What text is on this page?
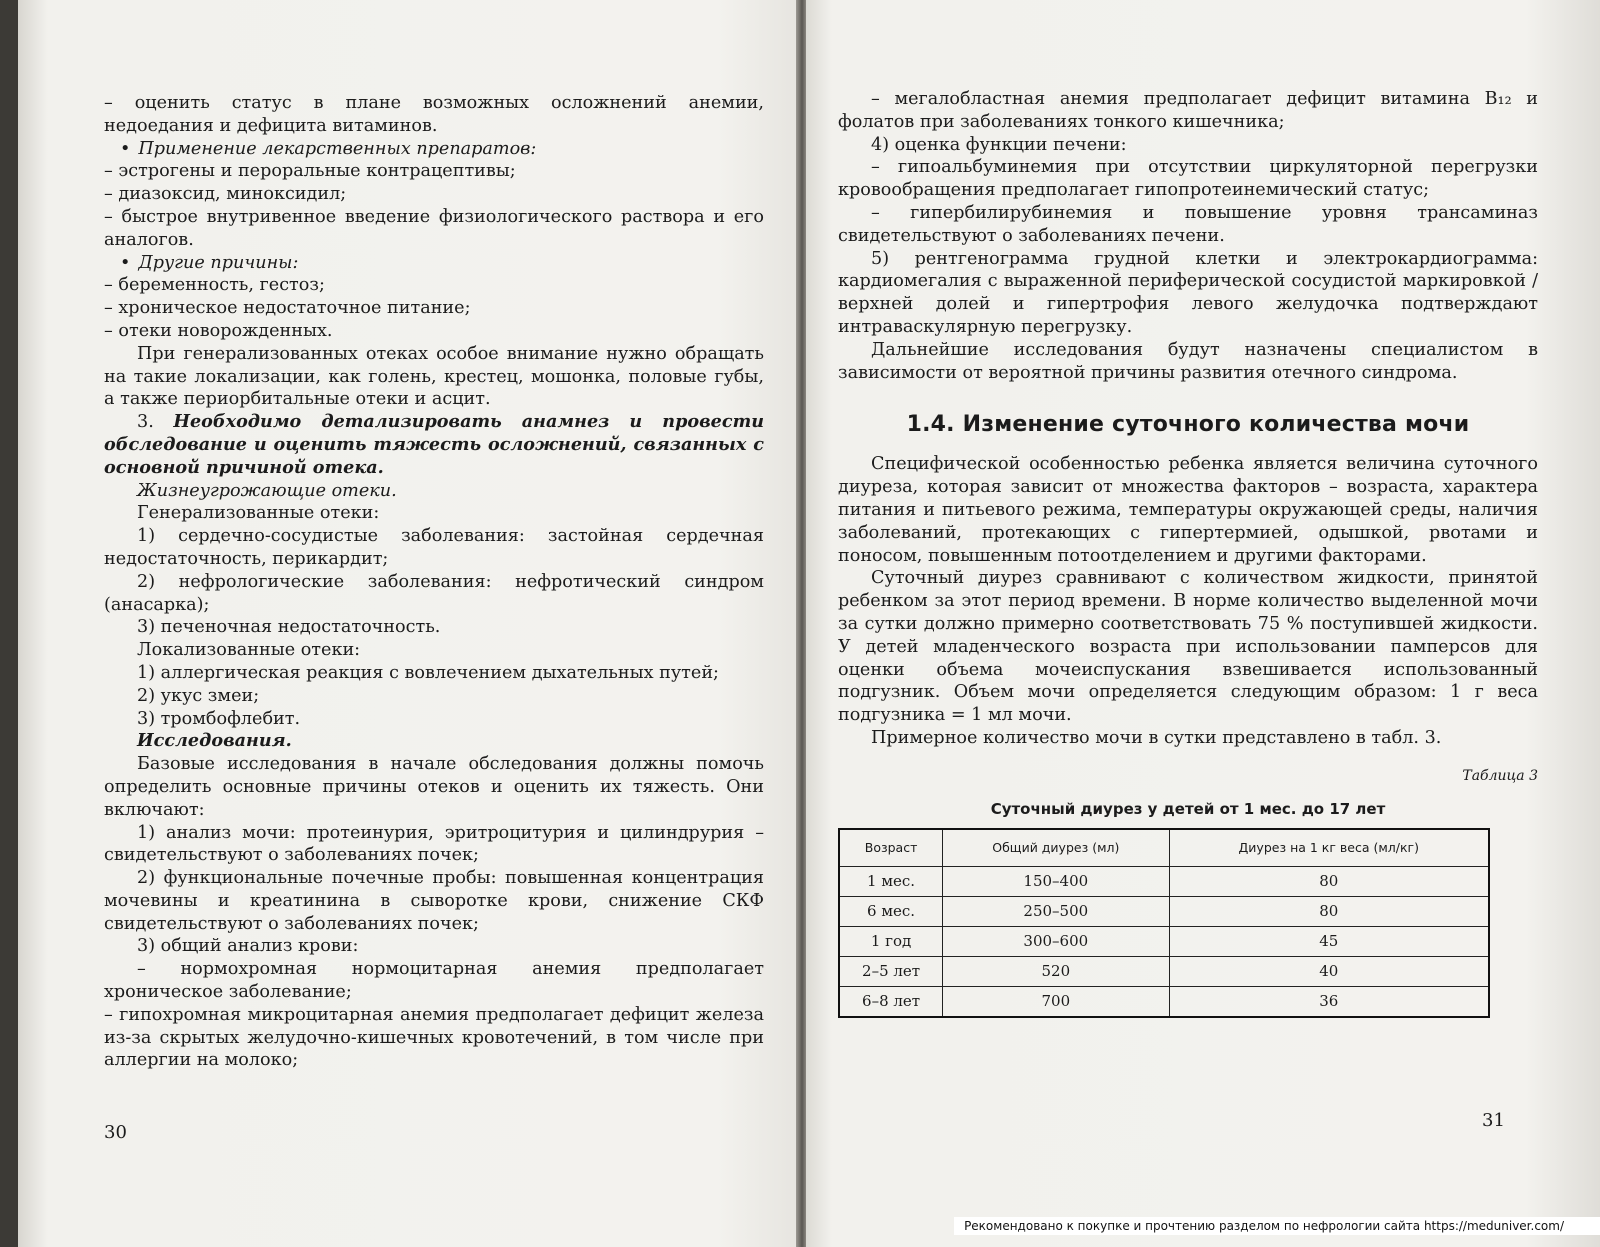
– оценить статус в плане возможных осложнений анемии, недоедания и дефицита витаминов.

• Применение лекарственных препаратов:

– эстрогены и пероральные контрацептивы;

– диазоксид, миноксидил;

– быстрое внутривенное введение физиологического раствора и его аналогов.

• Другие причины:

– беременность, гестоз;

– хроническое недостаточное питание;

– отеки новорожденных.

При генерализованных отеках особое внимание нужно обращать на такие локализации, как голень, крестец, мошонка, половые губы, а также периорбитальные отеки и асцит.

3. Необходимо детализировать анамнез и провести обследование и оценить тяжесть осложнений, связанных с основной причиной отека.

Жизнеугрожающие отеки.

Генерализованные отеки:

1) сердечно-сосудистые заболевания: застойная сердечная недостаточность, перикардит;

2) нефрологические заболевания: нефротический синдром (анасарка);

3) печеночная недостаточность.

Локализованные отеки:

1) аллергическая реакция с вовлечением дыхательных путей;

2) укус змеи;

3) тромбофлебит.

Исследования.

Базовые исследования в начале обследования должны помочь определить основные причины отеков и оценить их тяжесть. Они включают:

1) анализ мочи: протеинурия, эритроцитурия и цилиндрурия – свидетельствуют о заболеваниях почек;

2) функциональные почечные пробы: повышенная концентрация мочевины и креатинина в сыворотке крови, снижение СКФ свидетельствуют о заболеваниях почек;

3) общий анализ крови:

– нормохромная нормоцитарная анемия предполагает хроническое заболевание;

– гипохромная микроцитарная анемия предполагает дефицит железа из-за скрытых желудочно-кишечных кровотечений, в том числе при аллергии на молоко;

30

– мегалобластная анемия предполагает дефицит витамина B₁₂ и фолатов при заболеваниях тонкого кишечника;

4) оценка функции печени:

– гипоальбуминемия при отсутствии циркуляторной перегрузки кровообращения предполагает гипопротеинемический статус;

– гипербилирубинемия и повышение уровня трансаминаз свидетельствуют о заболеваниях печени.

5) рентгенограмма грудной клетки и электрокардиограмма: кардиомегалия с выраженной периферической сосудистой маркировкой / верхней долей и гипертрофия левого желудочка подтверждают интраваскулярную перегрузку.

Дальнейшие исследования будут назначены специалистом в зависимости от вероятной причины развития отечного синдрома.

1.4. Изменение суточного количества мочи

Специфической особенностью ребенка является величина суточного диуреза, которая зависит от множества факторов – возраста, характера питания и питьевого режима, температуры окружающей среды, наличия заболеваний, протекающих с гипертермией, одышкой, рвотами и поносом, повышенным потоотделением и другими факторами.

Суточный диурез сравнивают с количеством жидкости, принятой ребенком за этот период времени. В норме количество выделенной мочи за сутки должно примерно соответствовать 75 % поступившей жидкости. У детей младенческого возраста при использовании памперсов для оценки объема мочеиспускания взвешивается использованный подгузник. Объем мочи определяется следующим образом: 1 г веса подгузника = 1 мл мочи.

Примерное количество мочи в сутки представлено в табл. 3.

Таблица 3
Суточный диурез у детей от 1 мес. до 17 лет
Возраст	Общий диурез (мл)	Диурез на 1 кг веса (мл/кг)
1 мес.	150–400	80
6 мес.	250–500	80
1 год	300–600	45
2–5 лет	520	40
6–8 лет	700	36
31
Рекомендовано к покупке и прочтению разделом по нефрологии сайта https://meduniver.com/
